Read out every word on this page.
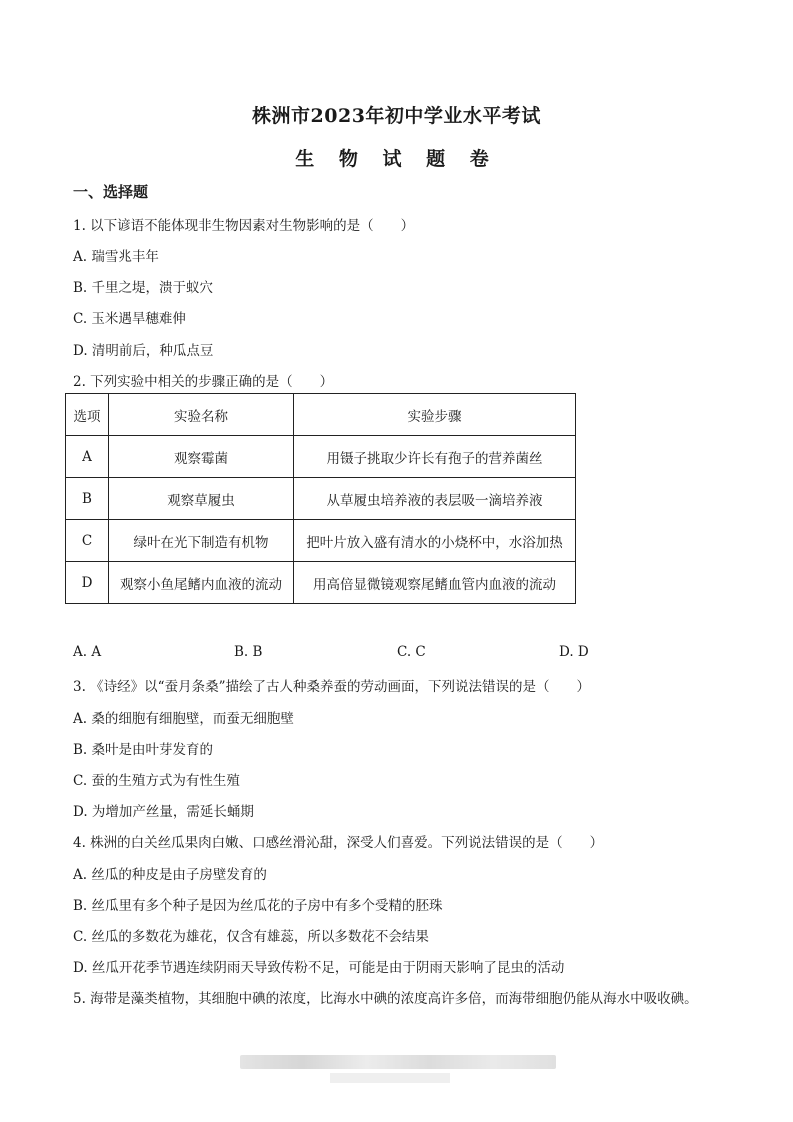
株洲市2023年初中学业水平考试
生 物 试 题 卷
一、选择题
1. 以下谚语不能体现非生物因素对生物影响的是（　　）
A. 瑞雪兆丰年
B. 千里之堤，溃于蚁穴
C. 玉米遇旱穗难伸
D. 清明前后，种瓜点豆
2. 下列实验中相关的步骤正确的是（　　）
选项	实验名称	实验步骤
A	观察霉菌	用镊子挑取少许长有孢子的营养菌丝
B	观察草履虫	从草履虫培养液的表层吸一滴培养液
C	绿叶在光下制造有机物	把叶片放入盛有清水的小烧杯中，水浴加热
D	观察小鱼尾鳍内血液的流动	用高倍显微镜观察尾鳍血管内血液的流动
A. A	B. B	C. C	D. D
3. 《诗经》以“蚕月条桑”描绘了古人种桑养蚕的劳动画面，下列说法错误的是（　　）
A. 桑的细胞有细胞壁，而蚕无细胞壁
B. 桑叶是由叶芽发育的
C. 蚕的生殖方式为有性生殖
D. 为增加产丝量，需延长蛹期
4. 株洲的白关丝瓜果肉白嫩、口感丝滑沁甜，深受人们喜爱。下列说法错误的是（　　）
A. 丝瓜的种皮是由子房壁发育的
B. 丝瓜里有多个种子是因为丝瓜花的子房中有多个受精的胚珠
C. 丝瓜的多数花为雄花，仅含有雄蕊，所以多数花不会结果
D. 丝瓜开花季节遇连续阴雨天导致传粉不足，可能是由于阴雨天影响了昆虫的活动
5. 海带是藻类植物，其细胞中碘的浓度，比海水中碘的浓度高许多倍，而海带细胞仍能从海水中吸收碘。
